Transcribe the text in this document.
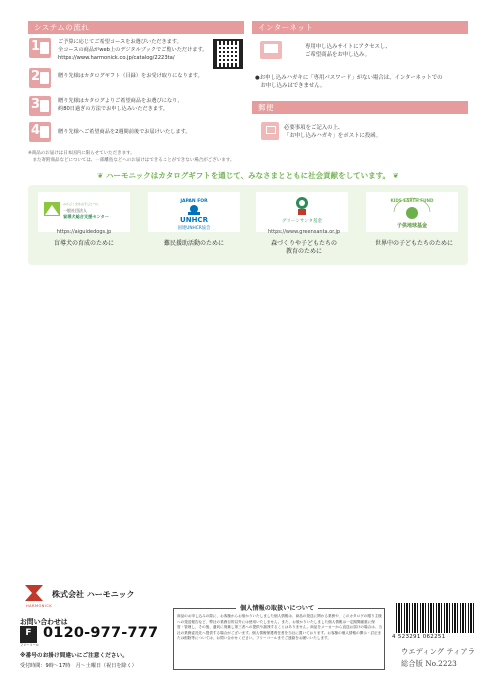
システムの流れ
1	ご予算に応じてご希望コースをお選びいただきます。
全コースの商品がweb上のデジタルブックでご覧いただけます。
https://www.harmonick.co.jp/catalog/2223ta/
2	贈り先様はカタログギフト（目録）をお受け取りになります。
3	贈り先様はカタログよりご希望商品をお選びになり、
約80日過ぎの方法でお申し込みいただきます。
4	贈り先様へご希望商品を2週間前後でお届けいたします。
インターネット
専用申し込みサイトにアクセスし、
ご希望商品をお申し込み。
●お申し込みハガキに「専用パスワード」がない場合は、インターネットでの
　お申し込みはできません。
郵便
必要事項をご記入の上、
「お申し込みハガキ」をポストに投函。
※商品のお届けは日本国内に限らせていただきます。
　また寄附商品などについては、一部離島などへのお届けはできることができない場合がございます。
❦ ハーモニックはカタログギフトを通じて、みなさまとともに社会貢献をしています。 ❦
みちびく光を必ずひとつに
一般社団法人
盲導犬総合支援センター
https://aiguidedogs.jp
盲導犬の育成のために
JAPAN FOR
UNHCR
国連UNHCR協会
難民援助活動のために
グリーンサンタ基金
https://www.greensanta.or.jp
森づくりや子どもたちの
教育のために
KIDS EARTH FUND
子供地球基金
世界中の子どもたちのために
株式会社 ハーモニック
HARMONICK
お問い合わせは
F
フリーコール
0120-977-777
※番号のお掛け間違いにご注意ください。
受付時間：9時〜17時　月〜土曜日（祝日を除く）
個人情報の取扱いについて
商品のお申し込みの際に、お客様からお預かりいたしました個人情報は、商品の発送に関わる業務や、このカタログの贈り主様への発送報告など、弊社の業務目的以外には使用いたしません。また、お預かりいたしました個人情報は一定期間厳重に保管・管理し、その後、適切に廃棄し第三者への提供や漏洩することはありません。商品をメーカーから直送お届けの場合は、当社の業務委託先へ提供する場合がございます。個人情報保護責任者を当社に置いております。お客様の個人情報の開示・訂正または削除等については、お問い合わせください。フリーコールまでご連絡をお願いいたします。	4 523291 062251
ウエディング ティアラ
総合版 No.2223
